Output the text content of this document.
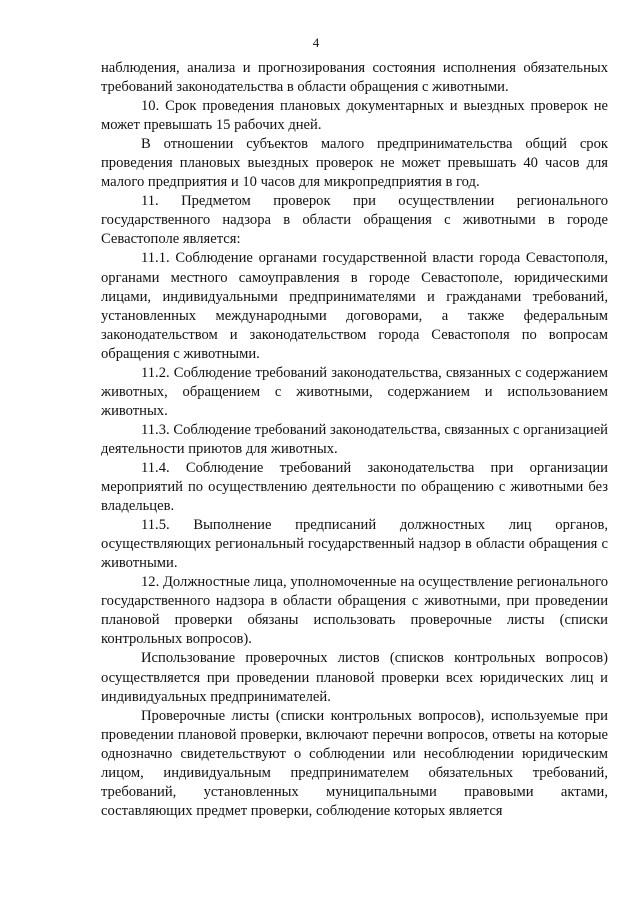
4

наблюдения, анализа и прогнозирования состояния исполнения обязательных требований законодательства в области обращения с животными.

10. Срок проведения плановых документарных и выездных проверок не может превышать 15 рабочих дней.

В отношении субъектов малого предпринимательства общий срок проведения плановых выездных проверок не может превышать 40 часов для малого предприятия и 10 часов для микропредприятия в год.

11. Предметом проверок при осуществлении регионального государственного надзора в области обращения с животными в городе Севастополе является:

11.1. Соблюдение органами государственной власти города Севастополя, органами местного самоуправления в городе Севастополе, юридическими лицами, индивидуальными предпринимателями и гражданами требований, установленных международными договорами, а также федеральным законодательством и законодательством города Севастополя по вопросам обращения с животными.

11.2. Соблюдение требований законодательства, связанных с содержанием животных, обращением с животными, содержанием и использованием животных.

11.3. Соблюдение требований законодательства, связанных с организацией деятельности приютов для животных.

11.4. Соблюдение требований законодательства при организации мероприятий по осуществлению деятельности по обращению с животными без владельцев.

11.5. Выполнение предписаний должностных лиц органов, осуществляющих региональный государственный надзор в области обращения с животными.

12. Должностные лица, уполномоченные на осуществление регионального государственного надзора в области обращения с животными, при проведении плановой проверки обязаны использовать проверочные листы (списки контрольных вопросов).

Использование проверочных листов (списков контрольных вопросов) осуществляется при проведении плановой проверки всех юридических лиц и индивидуальных предпринимателей.

Проверочные листы (списки контрольных вопросов), используемые при проведении плановой проверки, включают перечни вопросов, ответы на которые однозначно свидетельствуют о соблюдении или несоблюдении юридическим лицом, индивидуальным предпринимателем обязательных требований, требований, установленных муниципальными правовыми актами, составляющих предмет проверки, соблюдение которых является
